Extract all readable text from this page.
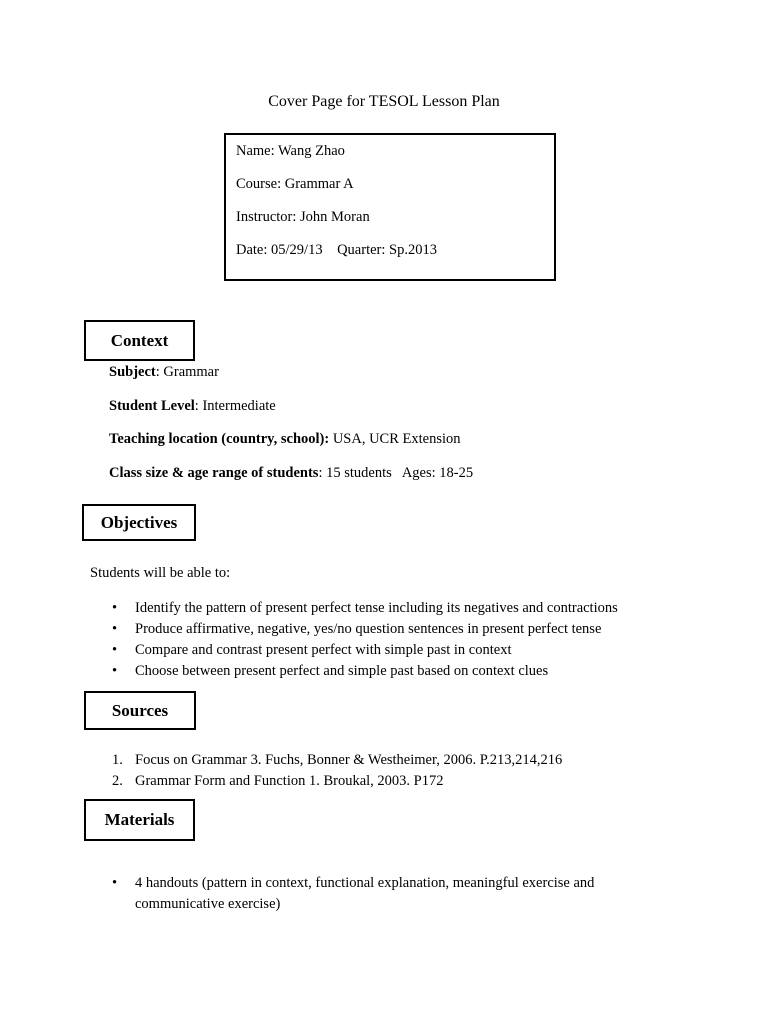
Cover Page for TESOL Lesson Plan
Name: Wang Zhao
Course: Grammar A
Instructor: John Moran
Date: 05/29/13    Quarter: Sp.2013
Context
Subject: Grammar
Student Level: Intermediate
Teaching location (country, school): USA, UCR Extension
Class size & age range of students: 15 students   Ages: 18-25
Objectives
Students will be able to:
• Identify the pattern of present perfect tense including its negatives and contractions
• Produce affirmative, negative, yes/no question sentences in present perfect tense
• Compare and contrast present perfect with simple past in context
• Choose between present perfect and simple past based on context clues
Sources
1. Focus on Grammar 3. Fuchs, Bonner & Westheimer, 2006. P.213,214,216
2. Grammar Form and Function 1. Broukal, 2003. P172
Materials
• 4 handouts (pattern in context, functional explanation, meaningful exercise and communicative exercise)
